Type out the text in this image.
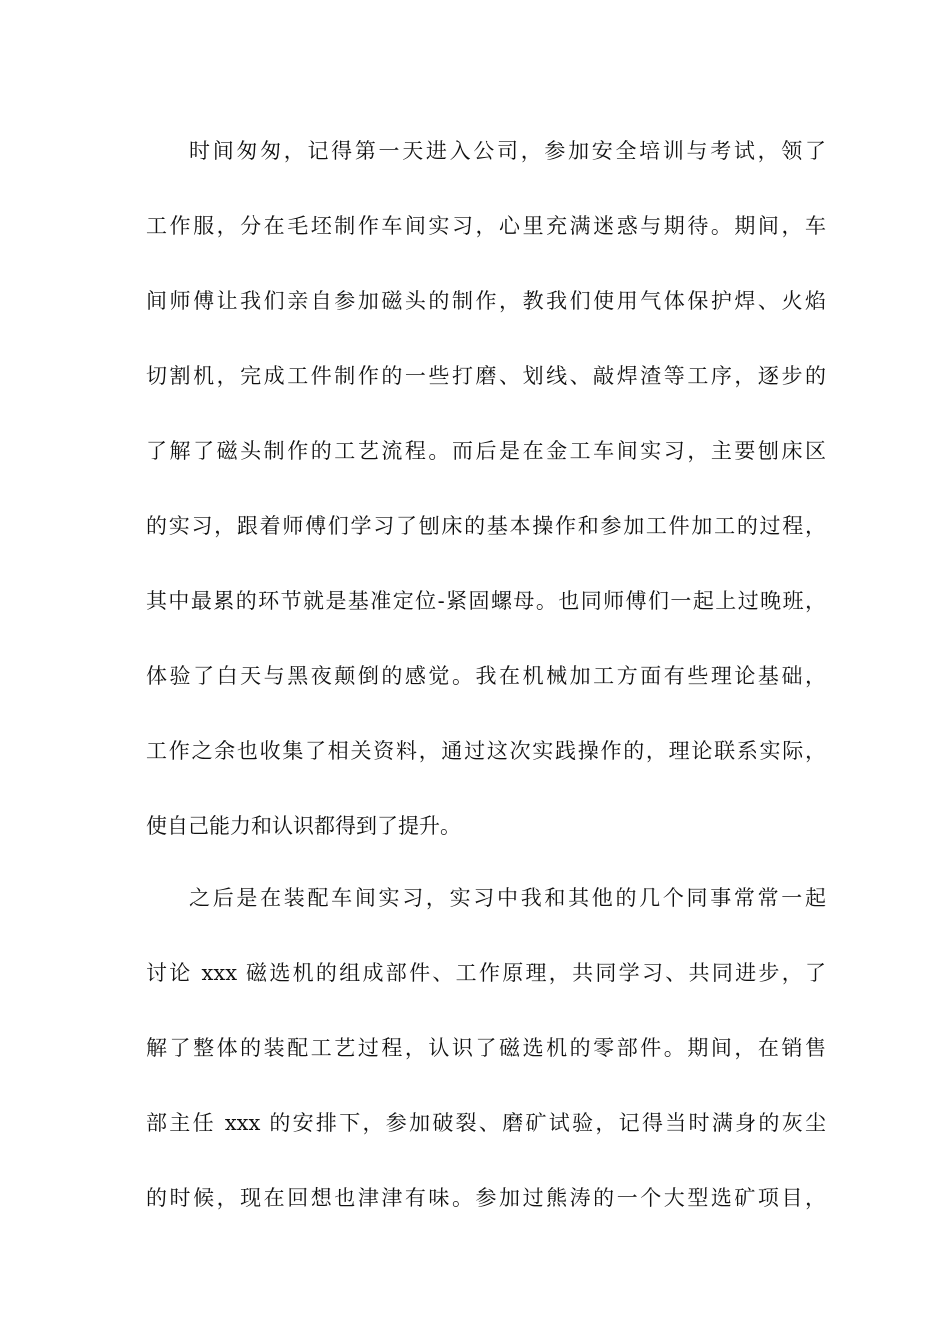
时间匆匆，记得第一天进入公司，参加安全培训与考试，领了
工作服，分在毛坯制作车间实习，心里充满迷惑与期待。期间，车
间师傅让我们亲自参加磁头的制作，教我们使用气体保护焊、火焰
切割机，完成工件制作的一些打磨、划线、敲焊渣等工序，逐步的
了解了磁头制作的工艺流程。而后是在金工车间实习，主要刨床区
的实习，跟着师傅们学习了刨床的基本操作和参加工件加工的过程，
其中最累的环节就是基准定位-紧固螺母。也同师傅们一起上过晚班，
体验了白天与黑夜颠倒的感觉。我在机械加工方面有些理论基础，
工作之余也收集了相关资料，通过这次实践操作的，理论联系实际，
使自己能力和认识都得到了提升。
之后是在装配车间实习，实习中我和其他的几个同事常常一起
讨论 xxx 磁选机的组成部件、工作原理，共同学习、共同进步，了
解了整体的装配工艺过程，认识了磁选机的零部件。期间，在销售
部主任 xxx 的安排下，参加破裂、磨矿试验，记得当时满身的灰尘
的时候，现在回想也津津有味。参加过熊涛的一个大型选矿项目，
